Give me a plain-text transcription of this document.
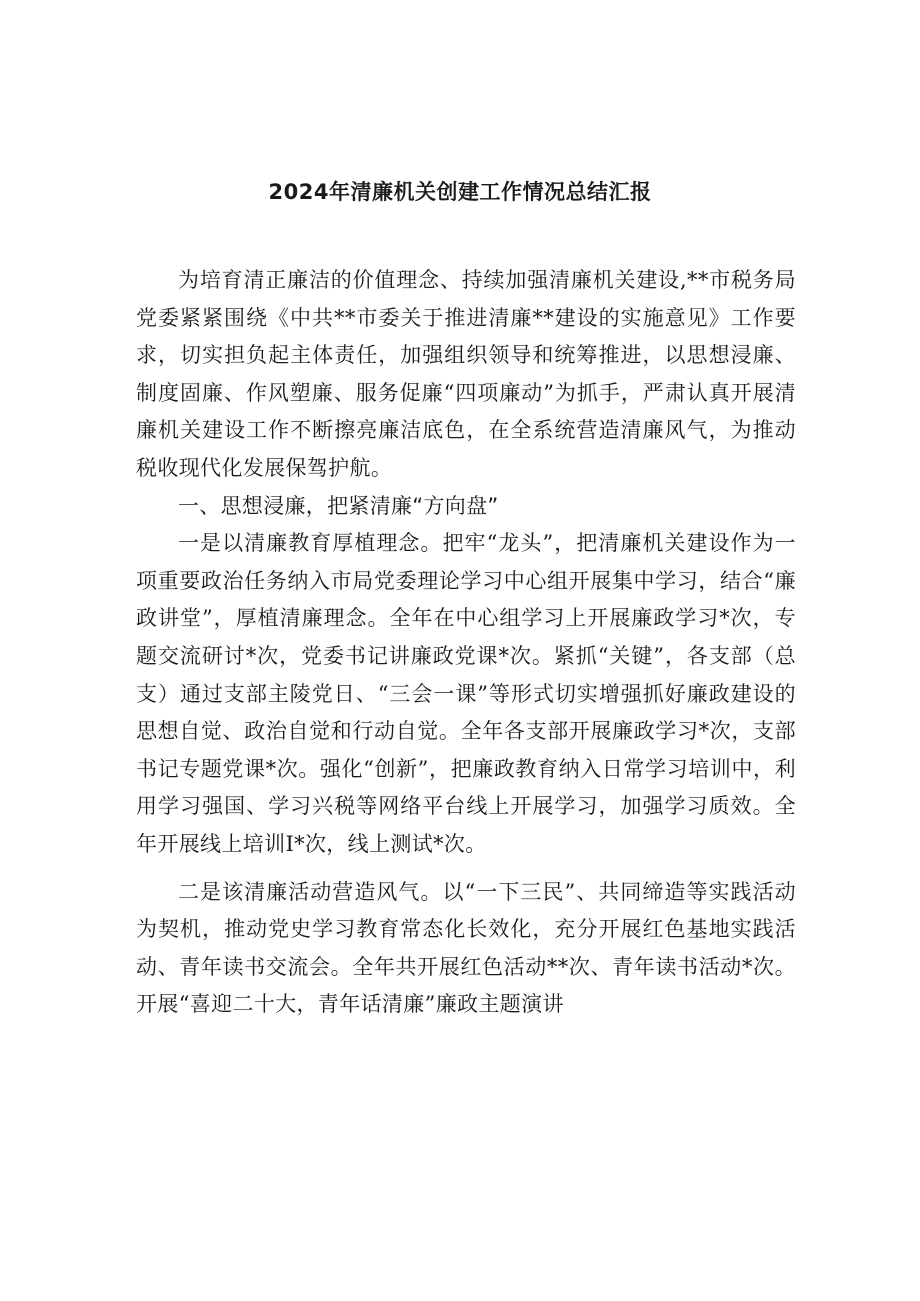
2024年清廉机关创建工作情况总结汇报

为培育清正廉洁的价值理念、持续加强清廉机关建设,**市税务局党委紧紧围绕《中共**市委关于推进清廉**建设的实施意见》工作要求，切实担负起主体责任，加强组织领导和统筹推进，以思想浸廉、制度固廉、作风塑廉、服务促廉“四项廉动”为抓手，严肃认真开展清廉机关建设工作不断擦亮廉洁底色，在全系统营造清廉风气，为推动税收现代化发展保驾护航。

一、思想浸廉，把紧清廉“方向盘”

一是以清廉教育厚植理念。把牢“龙头”，把清廉机关建设作为一项重要政治任务纳入市局党委理论学习中心组开展集中学习，结合“廉政讲堂”，厚植清廉理念。全年在中心组学习上开展廉政学习*次，专题交流研讨*次，党委书记讲廉政党课*次。紧抓“关键”，各支部（总支）通过支部主陵党日、“三会一课”等形式切实增强抓好廉政建设的思想自觉、政治自觉和行动自觉。全年各支部开展廉政学习*次，支部书记专题党课*次。强化“创新”，把廉政教育纳入日常学习培训中，利用学习强国、学习兴税等网络平台线上开展学习，加强学习质效。全年开展线上培训I*次，线上测试*次。

二是该清廉活动营造风气。以“一下三民”、共同缔造等实践活动为契机，推动党史学习教育常态化长效化，充分开展红色基地实践活动、青年读书交流会。全年共开展红色活动**次、青年读书活动*次。开展“喜迎二十大，青年话清廉”廉政主题演讲
